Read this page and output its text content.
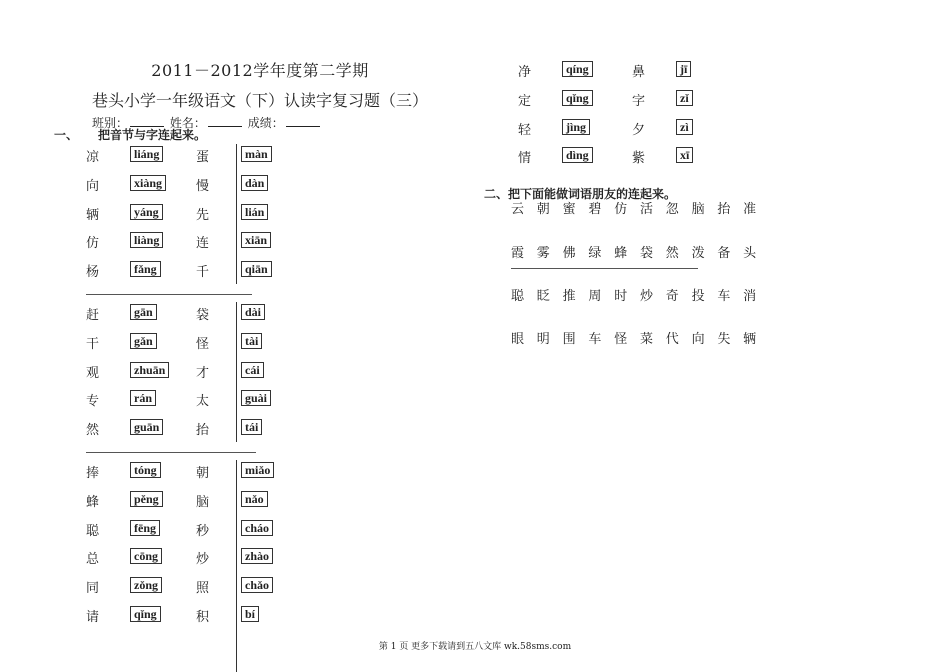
2011－2012学年度第二学期
巷头小学一年级语文（下）认读字复习题（三）
班别：	姓名：	成绩：
一、 把音节与字连起来。
凉	liáng	蛋	màn
向	xiàng	慢	dàn
辆	yáng	先	lián
仿	liàng	连	xiān
杨	fǎng	千	qiān
赶	gān	袋	dài
干	gǎn	怪	tài
观	zhuān	才	cái
专	rán	太	guài
然	guān	抬	tái
捧	tóng	朝	miǎo
蜂	pěng	脑	nǎo
聪	fēng	秒	cháo
总	cōng	炒	zhào
同	zǒng	照	chǎo
请	qǐng	积	bí
净	qíng	鼻	jī
定	qǐng	字	zǐ
轻	jìng	夕	zì
情	dìng	紫	xī
二、把下面能做词语朋友的连起来。
云 朝 蜜 碧 仿 活 忽 脑 抬 准
霞 雾 佛 绿 蜂 袋 然 泼 备 头
聪 眨 推 周 时 炒 奇 投 车 消
眼 明 围 车 怪 菜 代 向 失 辆
第 1 页 更多下载请到五八文库 wk.58sms.com
